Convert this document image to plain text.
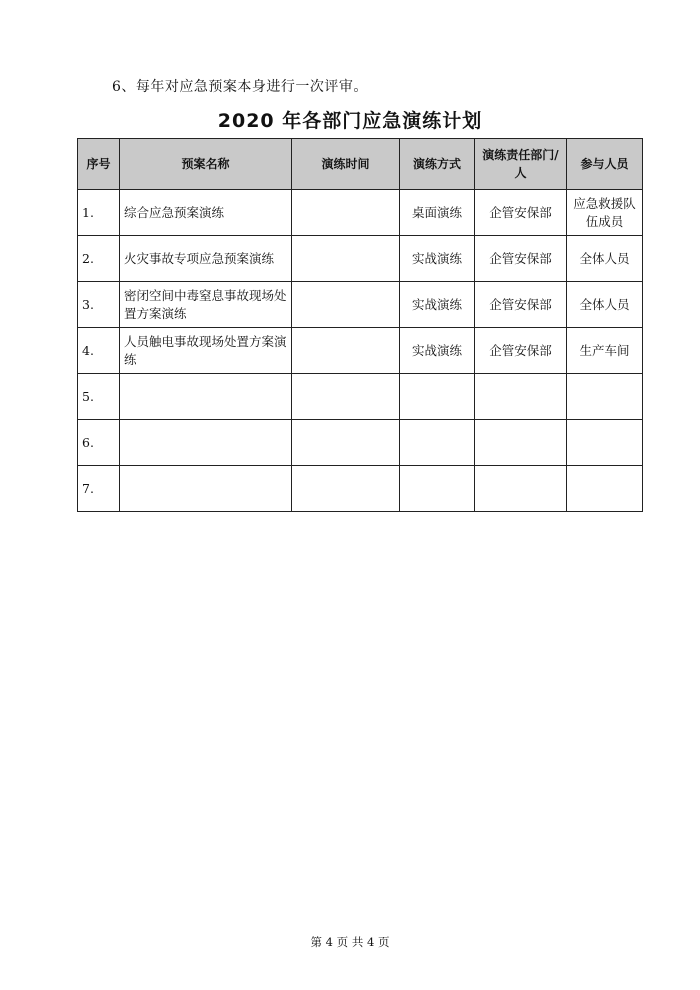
6、每年对应急预案本身进行一次评审。
2020 年各部门应急演练计划
序号	预案名称	演练时间	演练方式	演练责任部门/人	参与人员
1.	综合应急预案演练		桌面演练	企管安保部	应急救援队伍成员
2.	火灾事故专项应急预案演练		实战演练	企管安保部	全体人员
3.	密闭空间中毒窒息事故现场处置方案演练		实战演练	企管安保部	全体人员
4.	人员触电事故现场处置方案演练		实战演练	企管安保部	生产车间
5.					
6.					
7.					
第 4 页 共 4 页
